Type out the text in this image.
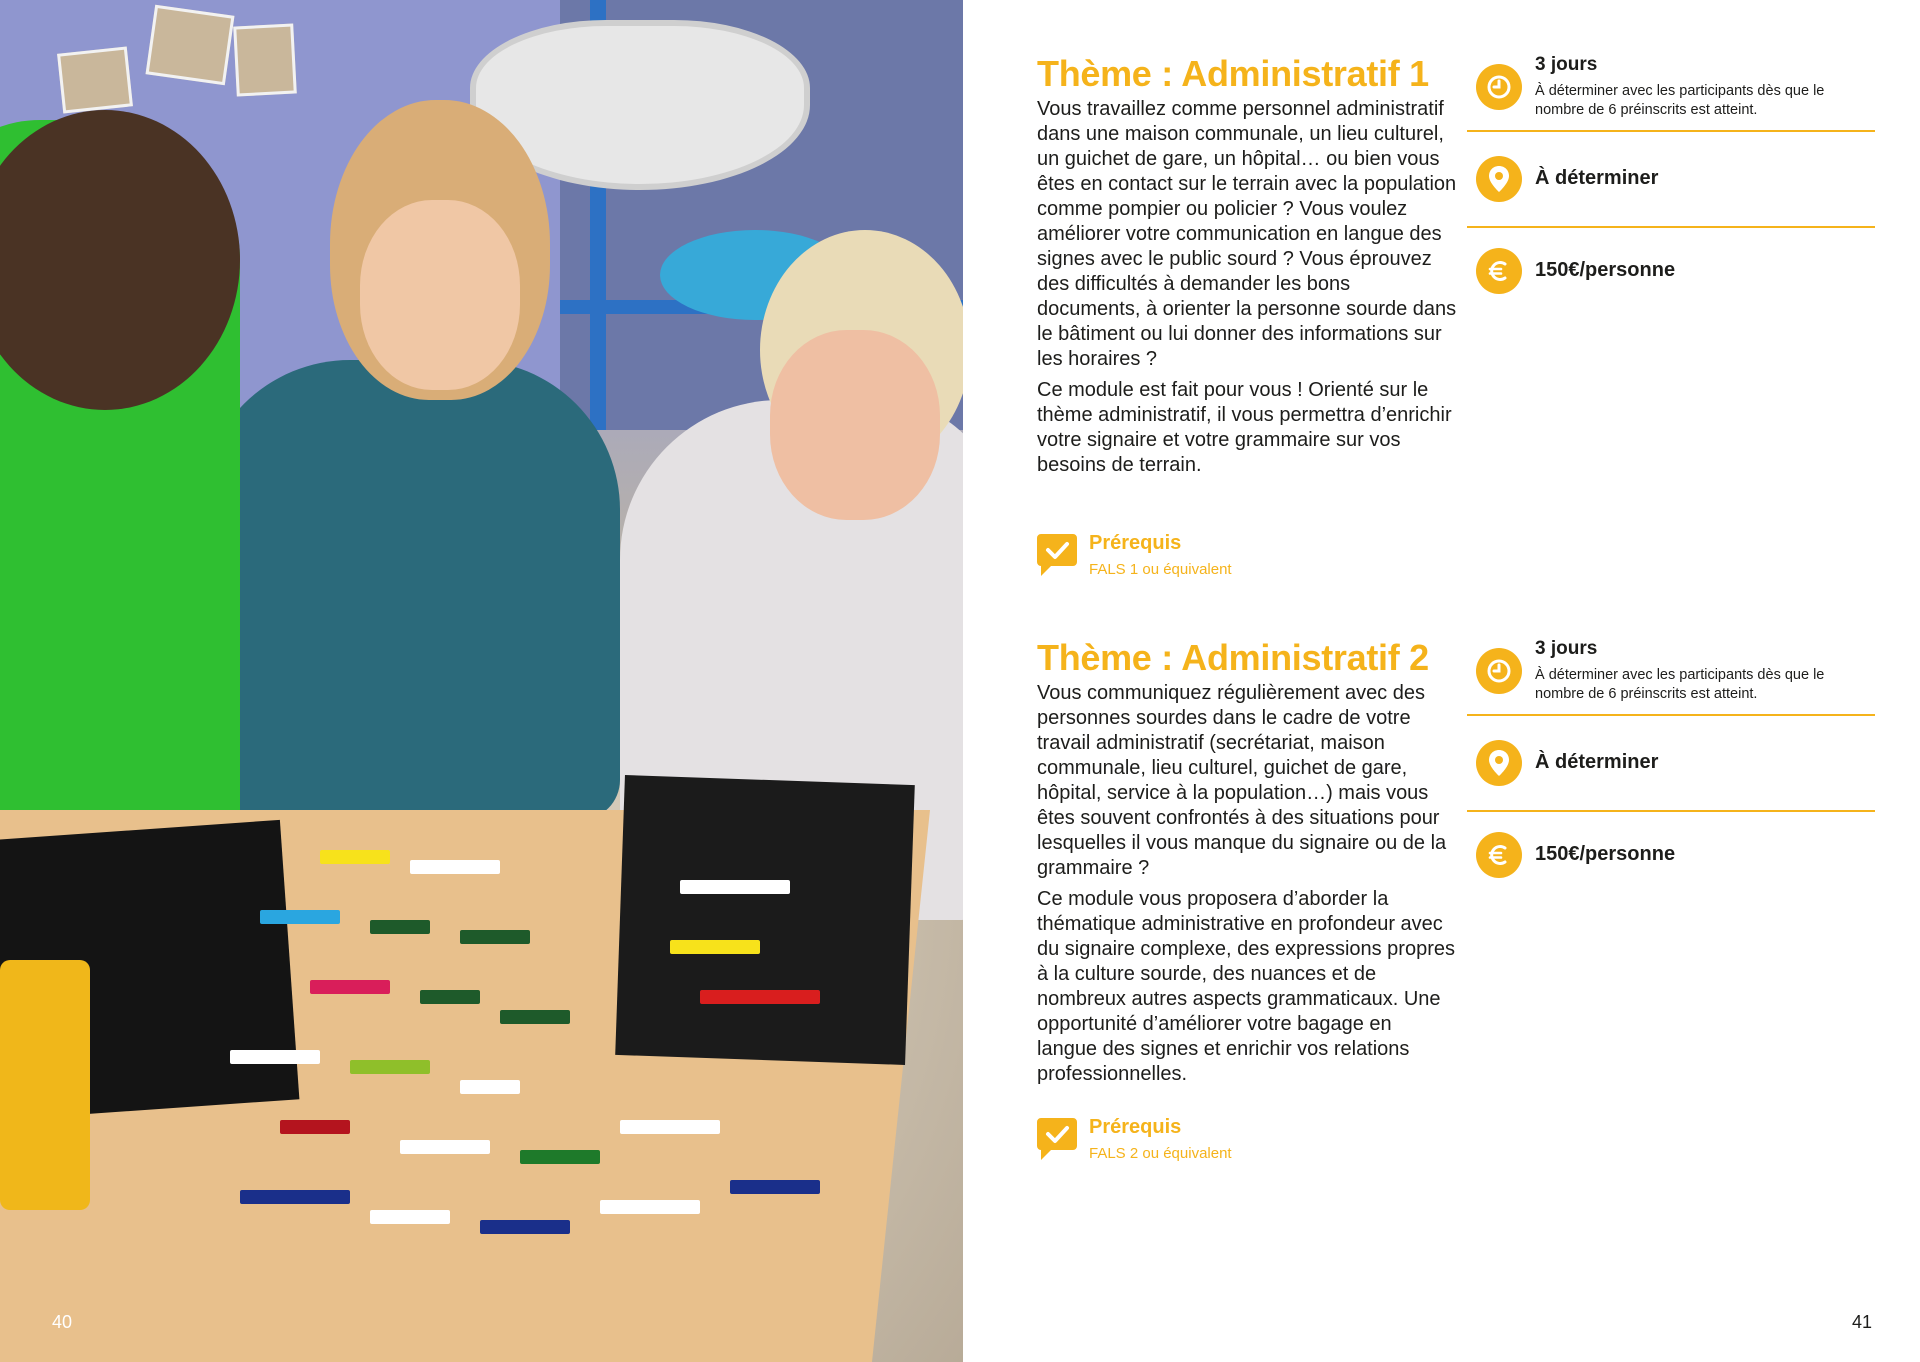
40
Thème : Administratif 1

Vous travaillez comme personnel administratif dans une maison communale, un lieu culturel, un guichet de gare, un hôpital… ou bien vous êtes en contact sur le terrain avec la population comme pompier ou policier ? Vous voulez améliorer votre communication en langue des signes avec le public sourd ? Vous éprouvez des difficultés à demander les bons documents, à orienter la personne sourde dans le bâtiment ou lui donner des informations sur les horaires ?

Ce module est fait pour vous ! Orienté sur le thème administratif, il vous permettra d’enrichir votre signaire et votre grammaire sur vos besoins de terrain.

Prérequis
FALS 1 ou équivalent
3 jours
À déterminer avec les participants dès que le nombre de 6 préinscrits est atteint.
À déterminer
150€/personne
Thème : Administratif 2

Vous communiquez régulièrement avec des personnes sourdes dans le cadre de votre travail administratif (secrétariat, maison communale, lieu culturel, guichet de gare, hôpital, service à la population…) mais vous êtes souvent confrontés à des situations pour lesquelles il vous manque du signaire ou de la grammaire ?

Ce module vous proposera d’aborder la thématique administrative en profondeur avec du signaire complexe, des expressions propres à la culture sourde, des nuances et de nombreux autres aspects grammaticaux. Une opportunité d’améliorer votre bagage en langue des signes et enrichir vos relations professionnelles.

Prérequis
FALS 2 ou équivalent
3 jours
À déterminer avec les participants dès que le nombre de 6 préinscrits est atteint.
À déterminer
150€/personne
41
